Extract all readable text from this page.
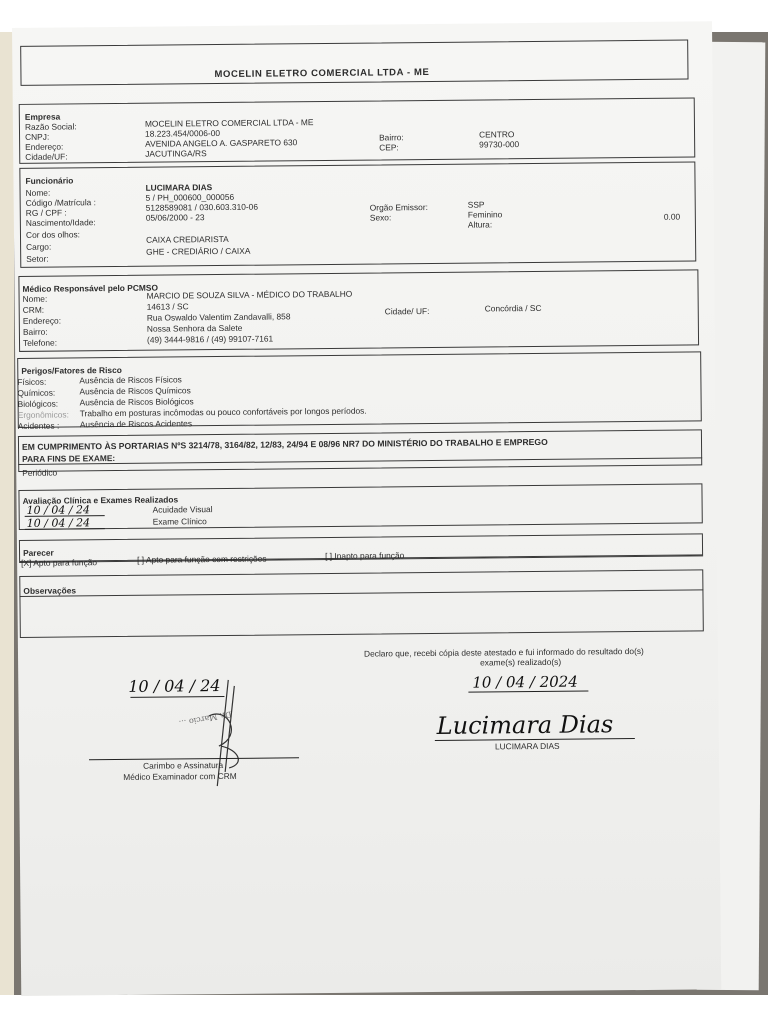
MOCELIN ELETRO COMERCIAL LTDA - ME
Empresa
Razão Social:	MOCELIN ELETRO COMERCIAL LTDA - ME
CNPJ:	18.223.454/0006-00
Endereço:	AVENIDA ANGELO A. GASPARETO 630
Cidade/UF:	JACUTINGA/RS
Bairro:	CENTRO
CEP:	99730-000
Funcionário
Nome:
LUCIMARA DIAS
Código /Matrícula :	5 / PH_000600_000056
RG / CPF :	5128589081 / 030.603.310-06
Nascimento/Idade:	05/06/2000 - 23
Cor dos olhos:
Cargo:
CAIXA CREDIARISTA
Setor:
GHE - CREDIÁRIO / CAIXA
Orgão Emissor:	SSP
Sexo:	Feminino
Altura:
0.00
Médico Responsável pelo PCMSO
Nome:	MARCIO DE SOUZA SILVA - MÉDICO DO TRABALHO
CRM:	14613 / SC
Endereço:	Rua Oswaldo Valentim Zandavalli, 858
Bairro:	Nossa Senhora da Salete
Telefone:	(49) 3444-9816 / (49) 99107-7161
Cidade/ UF:	Concórdia / SC
Perigos/Fatores de Risco
Físicos:	Ausência de Riscos Físicos
Químicos:	Ausência de Riscos Químicos
Biológicos:	Ausência de Riscos Biológicos
Ergonômicos: Trabalho em posturas incômodas ou pouco confortáveis por longos períodos.
Acidentes : Ausência de Riscos Acidentes
EM CUMPRIMENTO ÀS PORTARIAS NºS 3214/78, 3164/82, 12/83, 24/94 E 08/96 NR7 DO MINISTÉRIO DO TRABALHO E EMPREGO
PARA FINS DE EXAME:
Periódico
Avaliação Clínica e Exames Realizados
10 / 04 / 24	Acuidade Visual
10 / 04 / 24	Exame Clínico
Parecer
[X] Apto para função	[ ] Apto para função com restrições	[ ] Inapto para função
Observações
10 / 04 / 24
Dr. Marcio ...
Carimbo e Assinatura
Médico Examinador com CRM
Declaro que, recebi cópia deste atestado e fui informado do resultado do(s)
exame(s) realizado(s)
10 / 04 / 2024
Lucimara Dias
LUCIMARA DIAS
